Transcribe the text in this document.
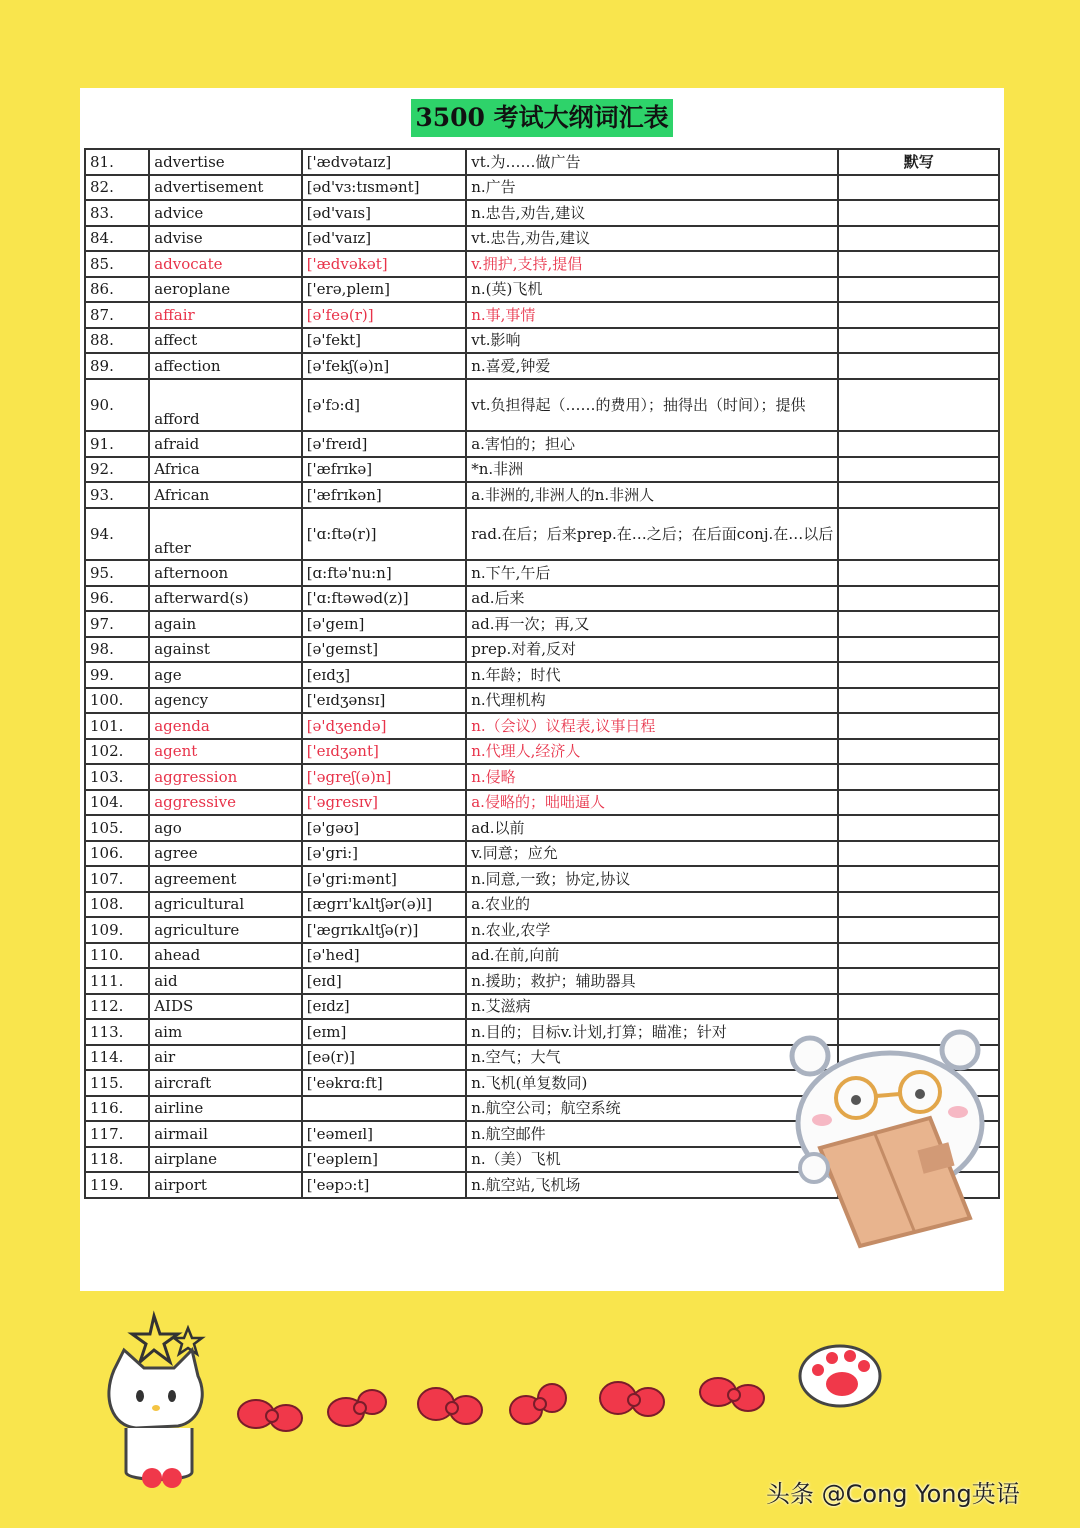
3500 考试大纲词汇表
81.	advertise	['ædvətaɪz]	vt.为……做广告	默写
82.	advertisement	[əd'vɜ:tɪsmənt]	n.广告	
83.	advice	[əd'vaɪs]	n.忠告,劝告,建议	
84.	advise	[əd'vaɪz]	vt.忠告,劝告,建议	
85.	advocate	['ædvəkət]	v.拥护,支持,提倡	
86.	aeroplane	['erə,pleɪn]	n.(英)飞机	
87.	affair	[ə'feə(r)]	n.事,事情	
88.	affect	[ə'fekt]	vt.影响	
89.	affection	[ə'fekʃ(ə)n]	n.喜爱,钟爱	
90.	afford	[ə'fɔ:d]	vt.负担得起（……的费用）；抽得出（时间）；提供	
91.	afraid	[ə'freɪd]	a.害怕的；担心	
92.	Africa	['æfrɪkə]	*n.非洲	
93.	African	['æfrɪkən]	a.非洲的,非洲人的n.非洲人	
94.	after	['ɑ:ftə(r)]	rad.在后；后来prep.在…之后；在后面conj.在…以后	
95.	afternoon	[ɑ:ftə'nu:n]	n.下午,午后	
96.	afterward(s)	['ɑ:ftəwəd(z)]	ad.后来	
97.	again	[ə'geɪn]	ad.再一次；再,又	
98.	against	[ə'geɪnst]	prep.对着,反对	
99.	age	[eɪdʒ]	n.年龄；时代	
100.	agency	['eɪdʒənsɪ]	n.代理机构	
101.	agenda	[ə'dʒendə]	n.（会议）议程表,议事日程	
102.	agent	['eɪdʒənt]	n.代理人,经济人	
103.	aggression	['əgreʃ(ə)n]	n.侵略	
104.	aggressive	['əgresɪv]	a.侵略的；咄咄逼人	
105.	ago	[ə'gəʊ]	ad.以前	
106.	agree	[ə'gri:]	v.同意；应允	
107.	agreement	[ə'gri:mənt]	n.同意,一致；协定,协议	
108.	agricultural	[ægrɪ'kʌltʃər(ə)l]	a.农业的	
109.	agriculture	['ægrɪkʌltʃə(r)]	n.农业,农学	
110.	ahead	[ə'hed]	ad.在前,向前	
111.	aid	[eɪd]	n.援助；救护；辅助器具	
112.	AIDS	[eɪdz]	n.艾滋病	
113.	aim	[eɪm]	n.目的；目标v.计划,打算；瞄准；针对	
114.	air	[eə(r)]	n.空气；大气	
115.	aircraft	['eəkrɑ:ft]	n.飞机(单复数同)	
116.	airline		n.航空公司；航空系统	
117.	airmail	['eəmeɪl]	n.航空邮件	
118.	airplane	['eəpleɪn]	n.（美）飞机	
119.	airport	['eəpɔ:t]	n.航空站,飞机场	
头条 @Cong Yong英语
